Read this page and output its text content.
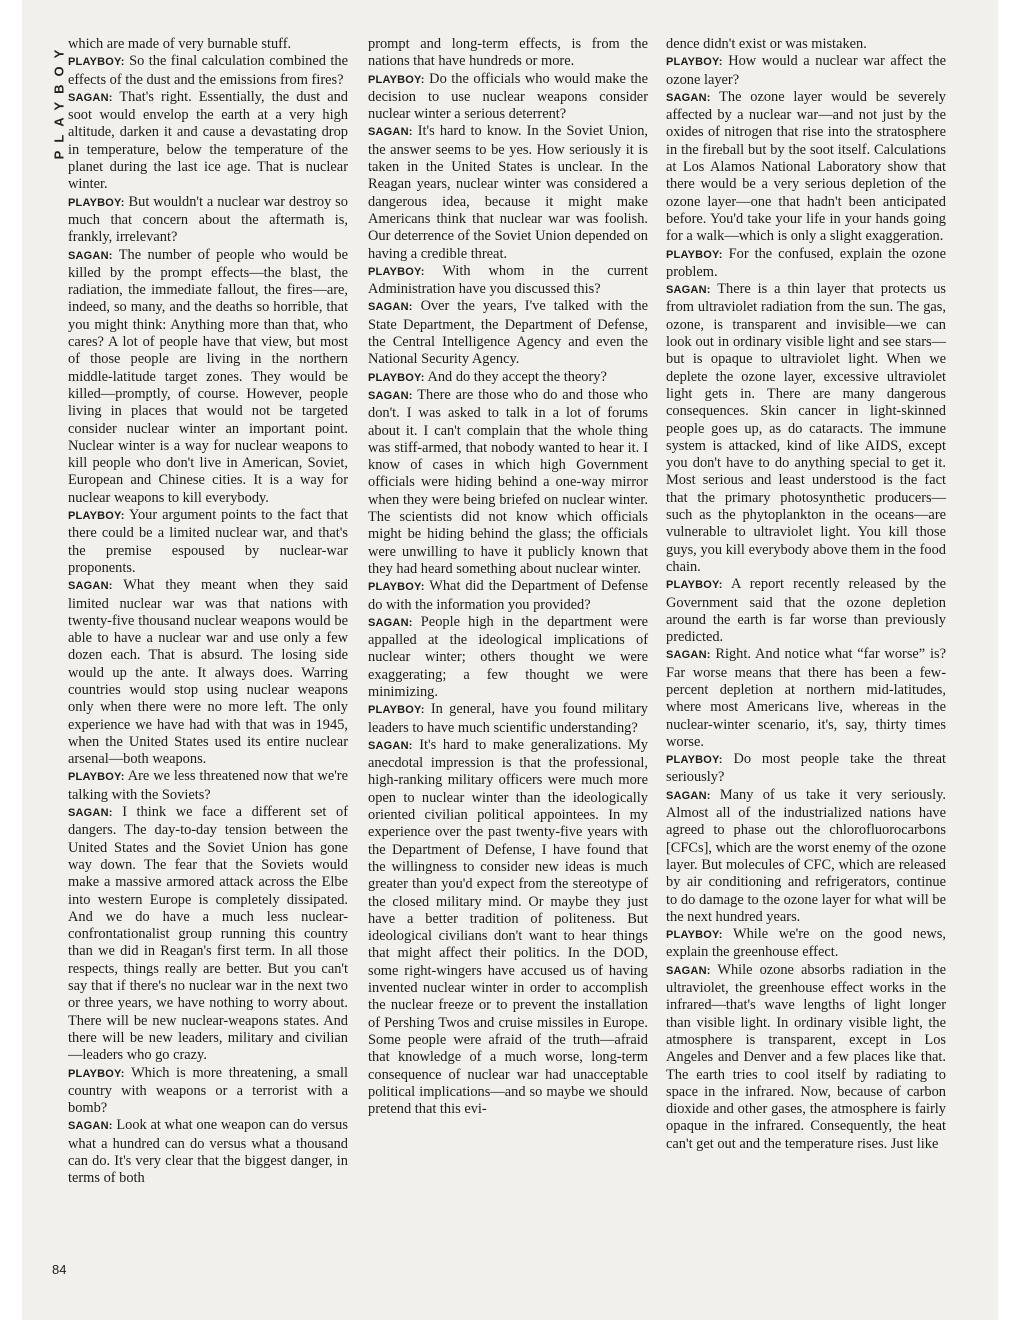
PLAYBOY
84

which are made of very burnable stuff.

PLAYBOY: So the final calculation combined the effects of the dust and the emissions from fires?

SAGAN: That's right. Essentially, the dust and soot would envelop the earth at a very high altitude, darken it and cause a devastating drop in temperature, below the temperature of the planet during the last ice age. That is nuclear winter.

PLAYBOY: But wouldn't a nuclear war destroy so much that concern about the aftermath is, frankly, irrelevant?

SAGAN: The number of people who would be killed by the prompt effects—the blast, the radiation, the immediate fallout, the fires—are, indeed, so many, and the deaths so horrible, that you might think: Anything more than that, who cares? A lot of people have that view, but most of those people are living in the northern middle-latitude target zones. They would be killed—promptly, of course. However, people living in places that would not be targeted consider nuclear winter an important point. Nuclear winter is a way for nuclear weapons to kill people who don't live in American, Soviet, European and Chinese cities. It is a way for nuclear weapons to kill everybody.

PLAYBOY: Your argument points to the fact that there could be a limited nuclear war, and that's the premise espoused by nuclear-war proponents.

SAGAN: What they meant when they said limited nuclear war was that nations with twenty-five thousand nuclear weapons would be able to have a nuclear war and use only a few dozen each. That is absurd. The losing side would up the ante. It always does. Warring countries would stop using nuclear weapons only when there were no more left. The only experience we have had with that was in 1945, when the United States used its entire nuclear arsenal—both weapons.

PLAYBOY: Are we less threatened now that we're talking with the Soviets?

SAGAN: I think we face a different set of dangers. The day-to-day tension between the United States and the Soviet Union has gone way down. The fear that the Soviets would make a massive armored attack across the Elbe into western Europe is completely dissipated. And we do have a much less nuclear-confrontationalist group running this country than we did in Reagan's first term. In all those respects, things really are better. But you can't say that if there's no nuclear war in the next two or three years, we have nothing to worry about. There will be new nuclear-weapons states. And there will be new leaders, military and civilian—leaders who go crazy.

PLAYBOY: Which is more threatening, a small country with weapons or a terrorist with a bomb?

SAGAN: Look at what one weapon can do versus what a hundred can do versus what a thousand can do. It's very clear that the biggest danger, in terms of both

prompt and long-term effects, is from the nations that have hundreds or more.

PLAYBOY: Do the officials who would make the decision to use nuclear weapons consider nuclear winter a serious deterrent?

SAGAN: It's hard to know. In the Soviet Union, the answer seems to be yes. How seriously it is taken in the United States is unclear. In the Reagan years, nuclear winter was considered a dangerous idea, because it might make Americans think that nuclear war was foolish. Our deterrence of the Soviet Union depended on having a credible threat.

PLAYBOY: With whom in the current Administration have you discussed this?

SAGAN: Over the years, I've talked with the State Department, the Department of Defense, the Central Intelligence Agency and even the National Security Agency.

PLAYBOY: And do they accept the theory?

SAGAN: There are those who do and those who don't. I was asked to talk in a lot of forums about it. I can't complain that the whole thing was stiff-armed, that nobody wanted to hear it. I know of cases in which high Government officials were hiding behind a one-way mirror when they were being briefed on nuclear winter. The scientists did not know which officials might be hiding behind the glass; the officials were unwilling to have it publicly known that they had heard something about nuclear winter.

PLAYBOY: What did the Department of Defense do with the information you provided?

SAGAN: People high in the department were appalled at the ideological implications of nuclear winter; others thought we were exaggerating; a few thought we were minimizing.

PLAYBOY: In general, have you found military leaders to have much scientific understanding?

SAGAN: It's hard to make generalizations. My anecdotal impression is that the professional, high-ranking military officers were much more open to nuclear winter than the ideologically oriented civilian political appointees. In my experience over the past twenty-five years with the Department of Defense, I have found that the willingness to consider new ideas is much greater than you'd expect from the stereotype of the closed military mind. Or maybe they just have a better tradition of politeness. But ideological civilians don't want to hear things that might affect their politics. In the DOD, some right-wingers have accused us of having invented nuclear winter in order to accomplish the nuclear freeze or to prevent the installation of Pershing Twos and cruise missiles in Europe. Some people were afraid of the truth—afraid that knowledge of a much worse, long-term consequence of nuclear war had unacceptable political implications—and so maybe we should pretend that this evi-

dence didn't exist or was mistaken.

PLAYBOY: How would a nuclear war affect the ozone layer?

SAGAN: The ozone layer would be severely affected by a nuclear war—and not just by the oxides of nitrogen that rise into the stratosphere in the fireball but by the soot itself. Calculations at Los Alamos National Laboratory show that there would be a very serious depletion of the ozone layer—one that hadn't been anticipated before. You'd take your life in your hands going for a walk—which is only a slight exaggeration.

PLAYBOY: For the confused, explain the ozone problem.

SAGAN: There is a thin layer that protects us from ultraviolet radiation from the sun. The gas, ozone, is transparent and invisible—we can look out in ordinary visible light and see stars—but is opaque to ultraviolet light. When we deplete the ozone layer, excessive ultraviolet light gets in. There are many dangerous consequences. Skin cancer in light-skinned people goes up, as do cataracts. The immune system is attacked, kind of like AIDS, except you don't have to do anything special to get it. Most serious and least understood is the fact that the primary photosynthetic producers—such as the phytoplankton in the oceans—are vulnerable to ultraviolet light. You kill those guys, you kill everybody above them in the food chain.

PLAYBOY: A report recently released by the Government said that the ozone depletion around the earth is far worse than previously predicted.

SAGAN: Right. And notice what “far worse” is? Far worse means that there has been a few-percent depletion at northern mid-latitudes, where most Americans live, whereas in the nuclear-winter scenario, it's, say, thirty times worse.

PLAYBOY: Do most people take the threat seriously?

SAGAN: Many of us take it very seriously. Almost all of the industrialized nations have agreed to phase out the chlorofluorocarbons [CFCs], which are the worst enemy of the ozone layer. But molecules of CFC, which are released by air conditioning and refrigerators, continue to do damage to the ozone layer for what will be the next hundred years.

PLAYBOY: While we're on the good news, explain the greenhouse effect.

SAGAN: While ozone absorbs radiation in the ultraviolet, the greenhouse effect works in the infrared—that's wave lengths of light longer than visible light. In ordinary visible light, the atmosphere is transparent, except in Los Angeles and Denver and a few places like that. The earth tries to cool itself by radiating to space in the infrared. Now, because of carbon dioxide and other gases, the atmosphere is fairly opaque in the infrared. Consequently, the heat can't get out and the temperature rises. Just like
